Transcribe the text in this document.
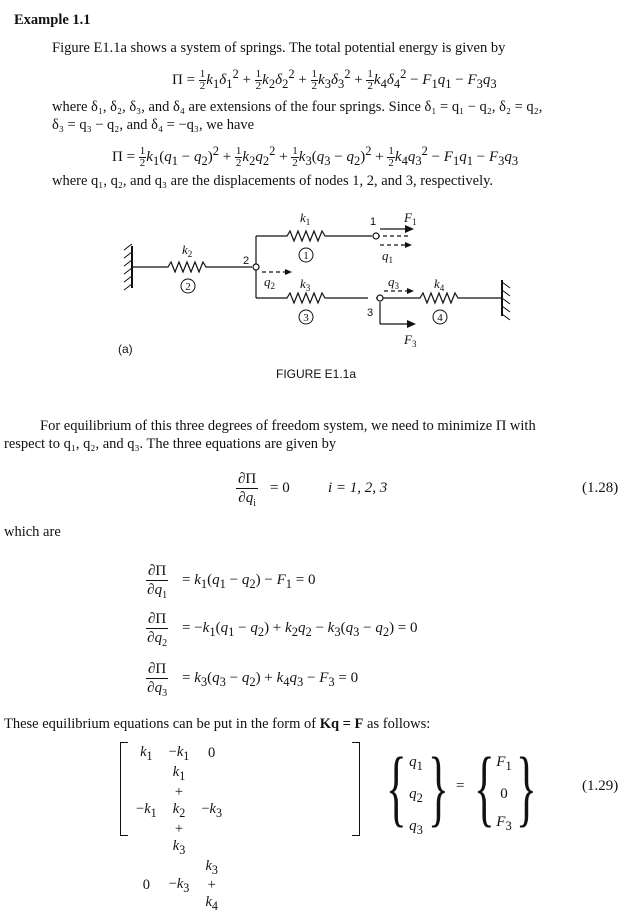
Example 1.1
Figure E1.1a shows a system of springs. The total potential energy is given by
$\Pi = \frac{1}{2} k_1\delta_1^2 + \frac{1}{2} k_2\delta_2^2 + \frac{1}{2} k_3\delta_3^2 + \frac{1}{2} k_4\delta_4^2 - F_1q_1 - F_3q_3$
where δ₁, δ₂, δ₃, and δ₄ are extensions of the four springs. Since δ₁ = q₁ − q₂, δ₂ = q₂,
δ₃ = q₃ − q₂, and δ₄ = −q₃, we have
$\Pi = \frac{1}{2} k_1(q_1 - q_2)^2 + \frac{1}{2} k_2q_2^2 + \frac{1}{2} k_3(q_3 - q_2)^2 + \frac{1}{2} k_4q_3^2 - F_1q_1 - F_3q_3$
where q₁, q₂, and q₃ are the displacements of nodes 1, 2, and 3, respectively.
2
1
3	4
$k_2$
$k_1$
$k_3$	$k_4$
$q_2$
$q_1$
$q_3$
$F_1$
$F_3$
2
1
3
(a)
FIGURE E1.1a
For equilibrium of this three degrees of freedom system, we need to minimize Π with
respect to q₁, q₂, and q₃. The three equations are given by
∂Π
$\partial q_i$
= 0	i = 1, 2, 3	(1.28)
which are
∂Π
$\partial q_1$
= $k_1(q_1 - q_2) - F_1 = 0$
∂Π
$\partial q_2$
= $-k_1(q_1 - q_2) + k_2q_2 - k_3(q_3 - q_2) = 0$
∂Π
$\partial q_3$
= $k_3(q_3 - q_2) + k_4q_3 - F_3 = 0$
These equilibrium equations can be put in the form of Kq = F as follows:
$k_1$	$-k_1$	0
$-k_1$	$k_1 + k_2 + k_3$	$-k_3$
0	$-k_3$	$k_3 + k_4$
{ $q_1$
$q_2$
$q_3$ } = { $F_1$
0
$F_3$ }	(1.29)
